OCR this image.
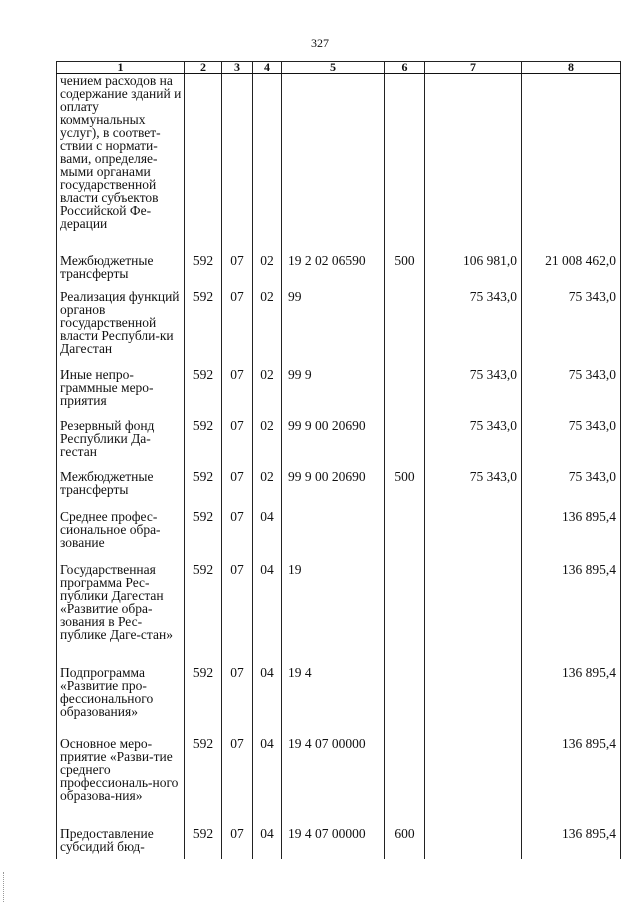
327
1	2	3	4	5	6	7	8
чением расходов на содержание зданий и оплату коммунальных услуг), в соответ-ствии с нормати-вами, определяе-мыми органами государственной власти субъектов Российской Фе-дерации							
Межбюджетные трансферты	592	07	02	19 2 02 06590	500	106 981,0	21 008 462,0
Реализация функций органов государственной власти Республи-ки Дагестан	592	07	02	99		75 343,0	75 343,0
Иные непро-граммные меро-приятия	592	07	02	99 9		75 343,0	75 343,0
Резервный фонд Республики Да-гестан	592	07	02	99 9 00 20690		75 343,0	75 343,0
Межбюджетные трансферты	592	07	02	99 9 00 20690	500	75 343,0	75 343,0
Среднее профес-сиональное обра-зование	592	07	04				136 895,4
Государственная программа Рес-публики Дагестан «Развитие обра-зования в Рес-публике Даге-стан»	592	07	04	19			136 895,4
Подпрограмма «Развитие про-фессионального образования»	592	07	04	19 4			136 895,4
Основное меро-приятие «Разви-тие среднего профессиональ-ного образова-ния»	592	07	04	19 4 07 00000			136 895,4
Предоставление субсидий бюд-	592	07	04	19 4 07 00000	600		136 895,4
